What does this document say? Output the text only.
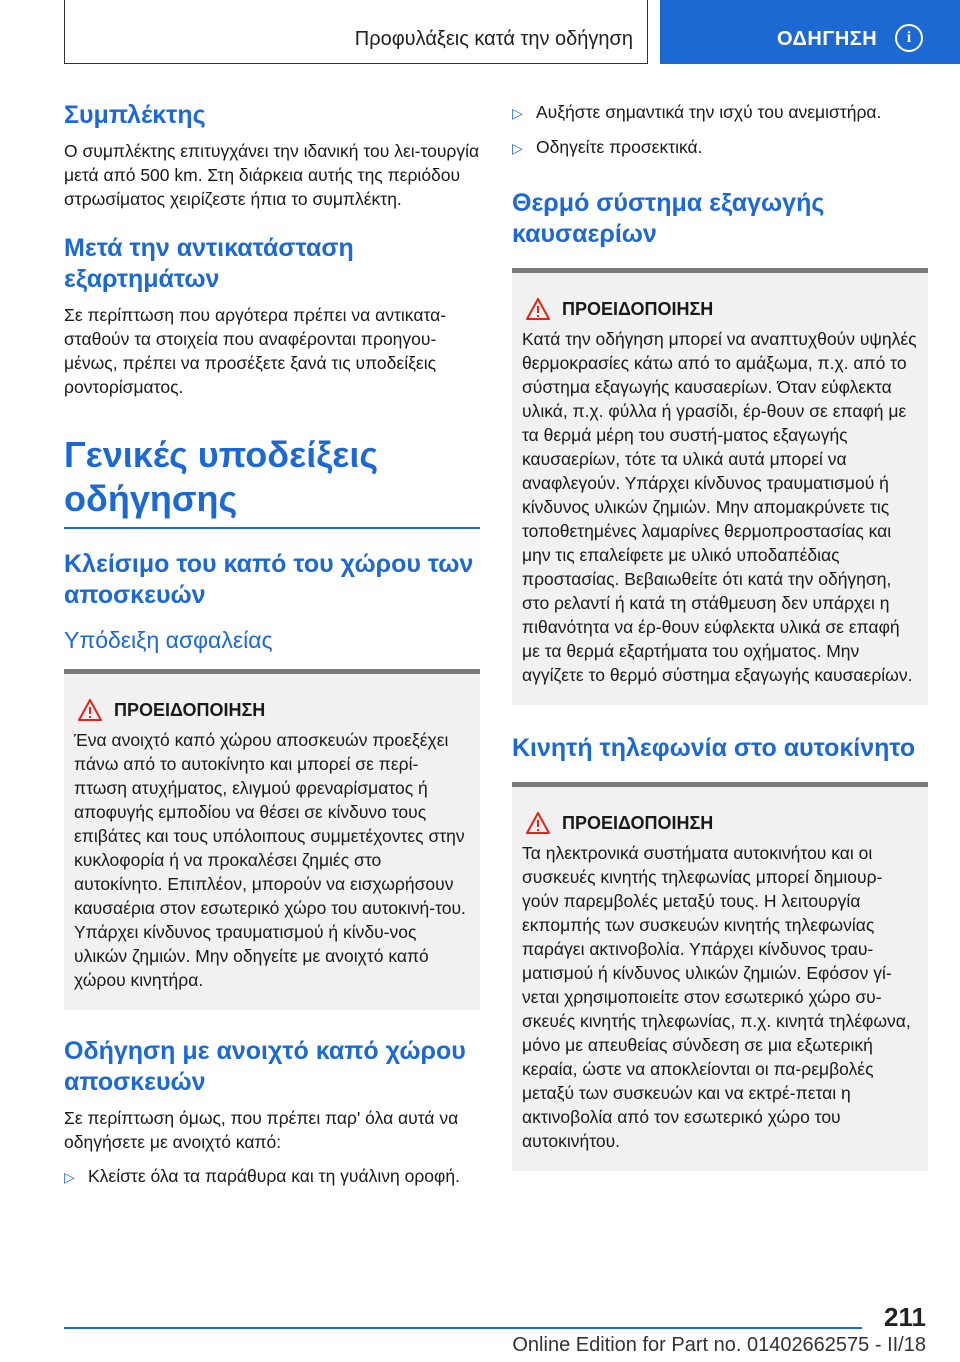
Προφυλάξεις κατά την οδήγηση	ΟΔΗΓΗΣΗ	i
Συμπλέκτης

Ο συμπλέκτης επιτυγχάνει την ιδανική του λει-τουργία μετά από 500 km. Στη διάρκεια αυτής της περιόδου στρωσίματος χειρίζεστε ήπια το συμπλέκτη.

Μετά την αντικατάσταση εξαρτημάτων

Σε περίπτωση που αργότερα πρέπει να αντικατα-σταθούν τα στοιχεία που αναφέρονται προηγου-μένως, πρέπει να προσέξετε ξανά τις υποδείξεις ροντορίσματος.

Γενικές υποδείξεις οδήγησης
Κλείσιμο του καπό του χώρου των αποσκευών
Υπόδειξη ασφαλείας
ΠΡΟΕΙΔΟΠΟΙΗΣΗ

Ένα ανοιχτό καπό χώρου αποσκευών προεξέχει πάνω από το αυτοκίνητο και μπορεί σε περί-πτωση ατυχήματος, ελιγμού φρεναρίσματος ή αποφυγής εμποδίου να θέσει σε κίνδυνο τους επιβάτες και τους υπόλοιπους συμμετέχοντες στην κυκλοφορία ή να προκαλέσει ζημιές στο αυτοκίνητο. Επιπλέον, μπορούν να εισχωρήσουν καυσαέρια στον εσωτερικό χώρο του αυτοκινή-του. Υπάρχει κίνδυνος τραυματισμού ή κίνδυ-νος υλικών ζημιών. Μην οδηγείτε με ανοιχτό καπό χώρου κινητήρα.

Οδήγηση με ανοιχτό καπό χώρου αποσκευών

Σε περίπτωση όμως, που πρέπει παρ' όλα αυτά να οδηγήσετε με ανοιχτό καπό:

▷ Κλείστε όλα τα παράθυρα και τη γυάλινη οροφή.
▷ Αυξήστε σημαντικά την ισχύ του ανεμιστήρα.
▷ Οδηγείτε προσεκτικά.
Θερμό σύστημα εξαγωγής καυσαερίων
ΠΡΟΕΙΔΟΠΟΙΗΣΗ

Κατά την οδήγηση μπορεί να αναπτυχθούν υψηλές θερμοκρασίες κάτω από το αμάξωμα, π.χ. από το σύστημα εξαγωγής καυσαερίων. Όταν εύφλεκτα υλικά, π.χ. φύλλα ή γρασίδι, έρ-θουν σε επαφή με τα θερμά μέρη του συστή-ματος εξαγωγής καυσαερίων, τότε τα υλικά αυτά μπορεί να αναφλεγούν. Υπάρχει κίνδυνος τραυματισμού ή κίνδυνος υλικών ζημιών. Μην απομακρύνετε τις τοποθετημένες λαμαρίνες θερμοπροστασίας και μην τις επαλείφετε με υλικό υποδαπέδιας προστασίας. Βεβαιωθείτε ότι κατά την οδήγηση, στο ρελαντί ή κατά τη στάθμευση δεν υπάρχει η πιθανότητα να έρ-θουν εύφλεκτα υλικά σε επαφή με τα θερμά εξαρτήματα του οχήματος. Μην αγγίζετε το θερμό σύστημα εξαγωγής καυσαερίων.

Κινητή τηλεφωνία στο αυτοκίνητο
ΠΡΟΕΙΔΟΠΟΙΗΣΗ

Τα ηλεκτρονικά συστήματα αυτοκινήτου και οι συσκευές κινητής τηλεφωνίας μπορεί δημιουρ-γούν παρεμβολές μεταξύ τους. Η λειτουργία εκπομπής των συσκευών κινητής τηλεφωνίας παράγει ακτινοβολία. Υπάρχει κίνδυνος τραυ-ματισμού ή κίνδυνος υλικών ζημιών. Εφόσον γί-νεται χρησιμοποιείτε στον εσωτερικό χώρο συ-σκευές κινητής τηλεφωνίας, π.χ. κινητά τηλέφωνα, μόνο με απευθείας σύνδεση σε μια εξωτερική κεραία, ώστε να αποκλείονται οι πα-ρεμβολές μεταξύ των συσκευών και να εκτρέ-πεται η ακτινοβολία από τον εσωτερικό χώρο του αυτοκινήτου.

211
Online Edition for Part no. 01402662575 - II/18
